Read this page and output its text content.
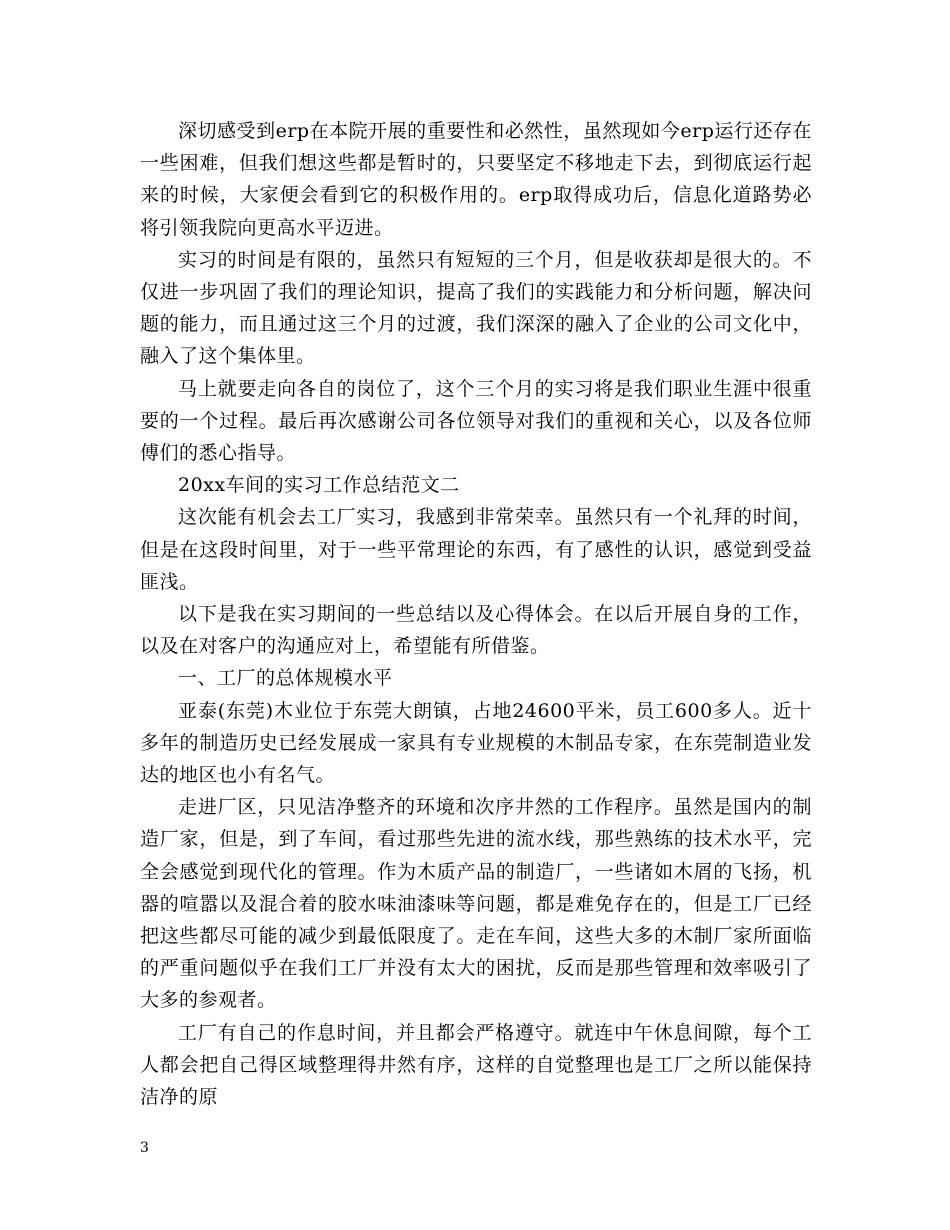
深切感受到erp在本院开展的重要性和必然性，虽然现如今erp运行还存在一些困难，但我们想这些都是暂时的，只要坚定不移地走下去，到彻底运行起来的时候，大家便会看到它的积极作用的。erp取得成功后，信息化道路势必将引领我院向更高水平迈进。

实习的时间是有限的，虽然只有短短的三个月，但是收获却是很大的。不仅进一步巩固了我们的理论知识，提高了我们的实践能力和分析问题，解决问题的能力，而且通过这三个月的过渡，我们深深的融入了企业的公司文化中，融入了这个集体里。

马上就要走向各自的岗位了，这个三个月的实习将是我们职业生涯中很重要的一个过程。最后再次感谢公司各位领导对我们的重视和关心，以及各位师傅们的悉心指导。

20xx车间的实习工作总结范文二

这次能有机会去工厂实习，我感到非常荣幸。虽然只有一个礼拜的时间，但是在这段时间里，对于一些平常理论的东西，有了感性的认识，感觉到受益匪浅。

以下是我在实习期间的一些总结以及心得体会。在以后开展自身的工作，以及在对客户的沟通应对上，希望能有所借鉴。

一、工厂的总体规模水平

亚泰(东莞)木业位于东莞大朗镇，占地24600平米，员工600多人。近十多年的制造历史已经发展成一家具有专业规模的木制品专家，在东莞制造业发达的地区也小有名气。

走进厂区，只见洁净整齐的环境和次序井然的工作程序。虽然是国内的制造厂家，但是，到了车间，看过那些先进的流水线，那些熟练的技术水平，完全会感觉到现代化的管理。作为木质产品的制造厂，一些诸如木屑的飞扬，机器的喧嚣以及混合着的胶水味油漆味等问题，都是难免存在的，但是工厂已经把这些都尽可能的减少到最低限度了。走在车间，这些大多的木制厂家所面临的严重问题似乎在我们工厂并没有太大的困扰，反而是那些管理和效率吸引了大多的参观者。

工厂有自己的作息时间，并且都会严格遵守。就连中午休息间隙，每个工人都会把自己得区域整理得井然有序，这样的自觉整理也是工厂之所以能保持洁净的原

3
